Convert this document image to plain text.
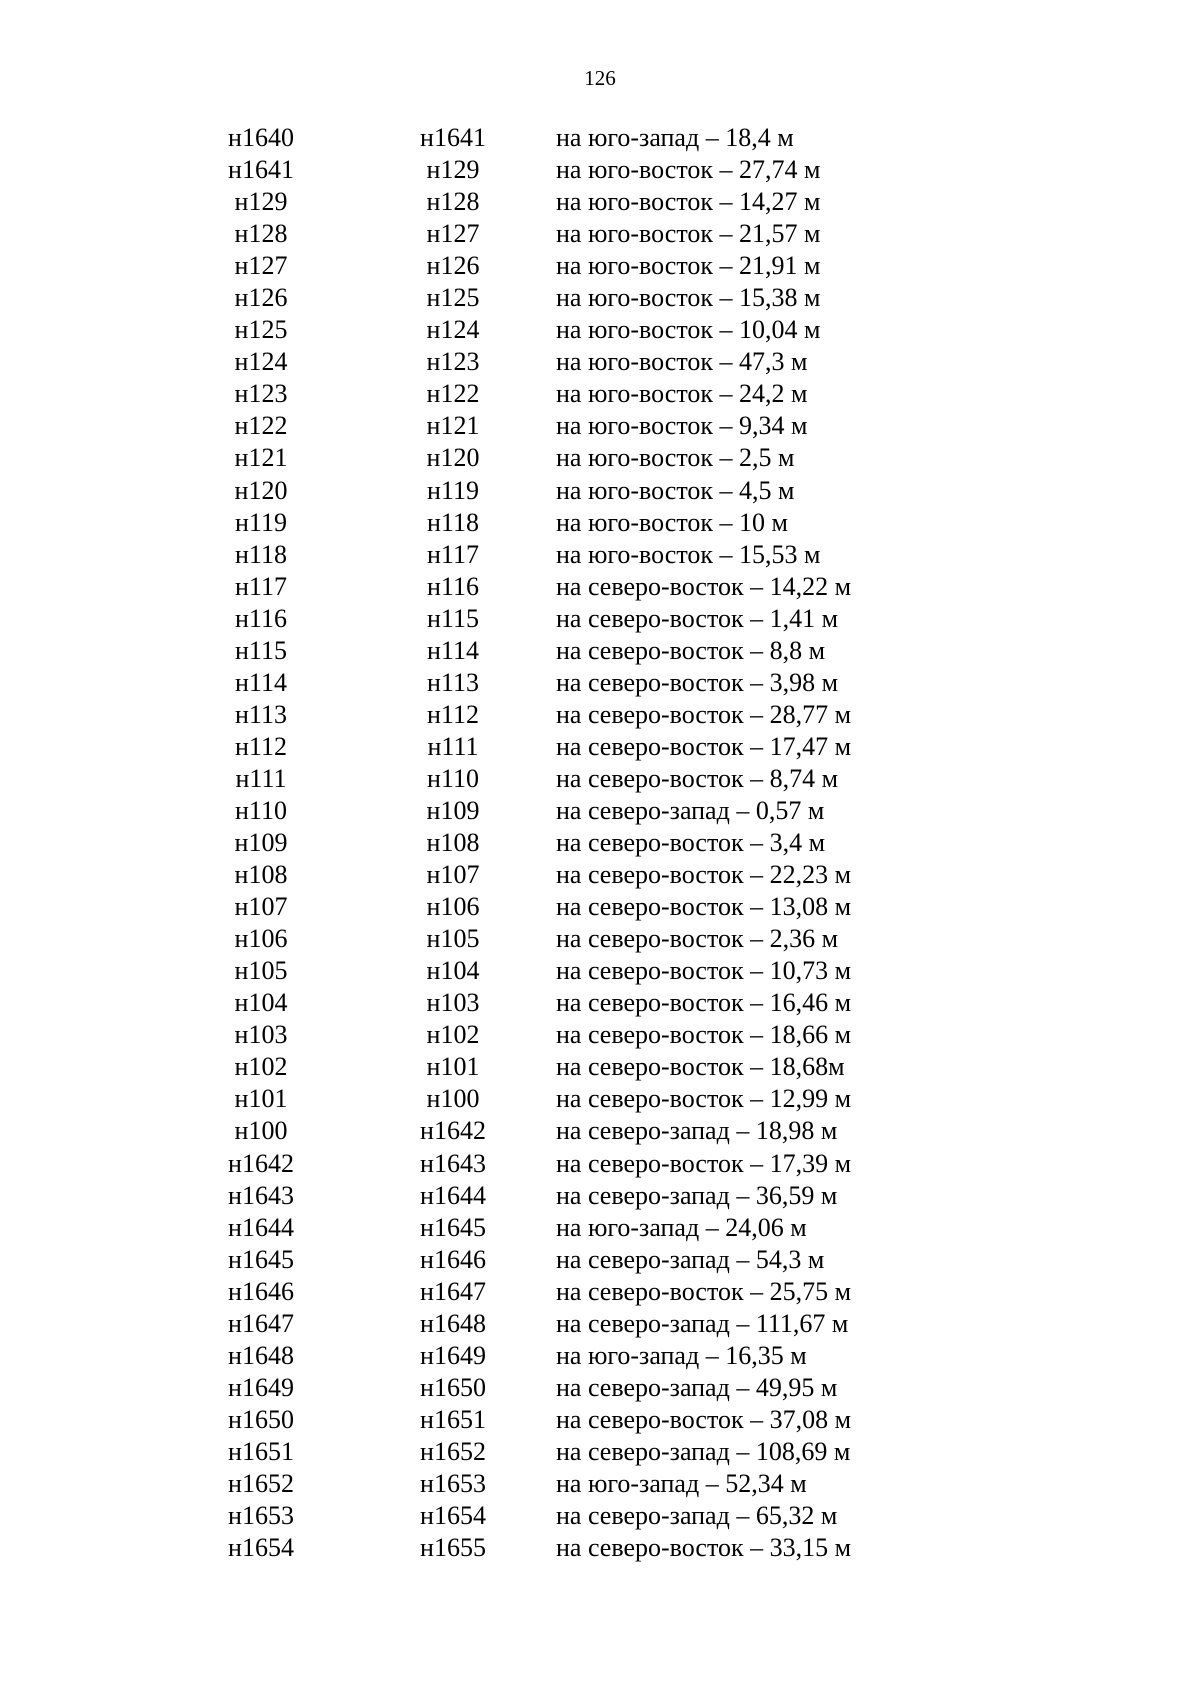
126
н1640	н1641	на юго-запад – 18,4 м
н1641	н129	на юго-восток – 27,74 м
н129	н128	на юго-восток – 14,27 м
н128	н127	на юго-восток – 21,57 м
н127	н126	на юго-восток – 21,91 м
н126	н125	на юго-восток – 15,38 м
н125	н124	на юго-восток – 10,04 м
н124	н123	на юго-восток – 47,3 м
н123	н122	на юго-восток – 24,2 м
н122	н121	на юго-восток – 9,34 м
н121	н120	на юго-восток – 2,5 м
н120	н119	на юго-восток – 4,5 м
н119	н118	на юго-восток – 10 м
н118	н117	на юго-восток – 15,53 м
н117	н116	на северо-восток – 14,22 м
н116	н115	на северо-восток – 1,41 м
н115	н114	на северо-восток – 8,8 м
н114	н113	на северо-восток – 3,98 м
н113	н112	на северо-восток – 28,77 м
н112	н111	на северо-восток – 17,47 м
н111	н110	на северо-восток – 8,74 м
н110	н109	на северо-запад – 0,57 м
н109	н108	на северо-восток – 3,4 м
н108	н107	на северо-восток – 22,23 м
н107	н106	на северо-восток – 13,08 м
н106	н105	на северо-восток – 2,36 м
н105	н104	на северо-восток – 10,73 м
н104	н103	на северо-восток – 16,46 м
н103	н102	на северо-восток – 18,66 м
н102	н101	на северо-восток – 18,68м
н101	н100	на северо-восток – 12,99 м
н100	н1642	на северо-запад – 18,98 м
н1642	н1643	на северо-восток – 17,39 м
н1643	н1644	на северо-запад – 36,59 м
н1644	н1645	на юго-запад – 24,06 м
н1645	н1646	на северо-запад – 54,3 м
н1646	н1647	на северо-восток – 25,75 м
н1647	н1648	на северо-запад – 111,67 м
н1648	н1649	на юго-запад – 16,35 м
н1649	н1650	на северо-запад – 49,95 м
н1650	н1651	на северо-восток – 37,08 м
н1651	н1652	на северо-запад – 108,69 м
н1652	н1653	на юго-запад – 52,34 м
н1653	н1654	на северо-запад – 65,32 м
н1654	н1655	на северо-восток – 33,15 м
